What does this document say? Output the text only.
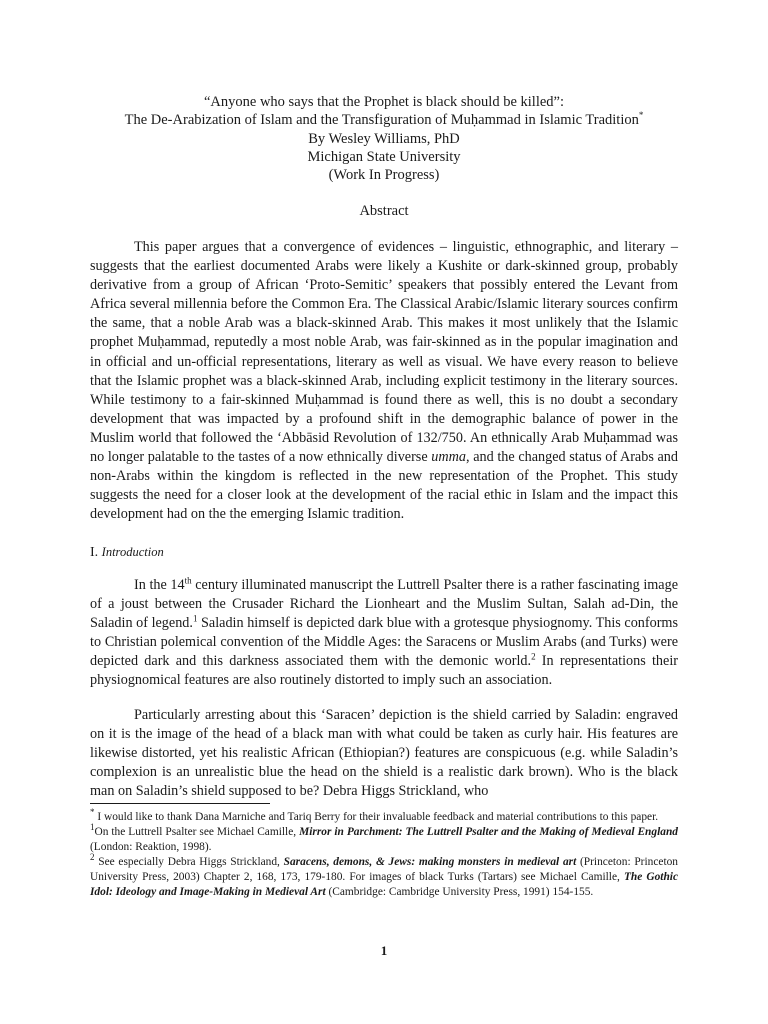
“Anyone who says that the Prophet is black should be killed”:
The De-Arabization of Islam and the Transfiguration of Muḥammad in Islamic Tradition*
By Wesley Williams, PhD
Michigan State University
(Work In Progress)
Abstract

This paper argues that a convergence of evidences – linguistic, ethnographic, and literary – suggests that the earliest documented Arabs were likely a Kushite or dark-skinned group, probably derivative from a group of African ‘Proto-Semitic’ speakers that possibly entered the Levant from Africa several millennia before the Common Era. The Classical Arabic/Islamic literary sources confirm the same, that a noble Arab was a black-skinned Arab. This makes it most unlikely that the Islamic prophet Muḥammad, reputedly a most noble Arab, was fair-skinned as in the popular imagination and in official and un-official representations, literary as well as visual. We have every reason to believe that the Islamic prophet was a black-skinned Arab, including explicit testimony in the literary sources. While testimony to a fair-skinned Muḥammad is found there as well, this is no doubt a secondary development that was impacted by a profound shift in the demographic balance of power in the Muslim world that followed the ‘Abbāsid Revolution of 132/750. An ethnically Arab Muḥammad was no longer palatable to the tastes of a now ethnically diverse umma, and the changed status of Arabs and non-Arabs within the kingdom is reflected in the new representation of the Prophet. This study suggests the need for a closer look at the development of the racial ethic in Islam and the impact this development had on the the emerging Islamic tradition.

I. Introduction

In the 14th century illuminated manuscript the Luttrell Psalter there is a rather fascinating image of a joust between the Crusader Richard the Lionheart and the Muslim Sultan, Salah ad-Din, the Saladin of legend.$^1$ Saladin himself is depicted dark blue with a grotesque physiognomy. This conforms to Christian polemical convention of the Middle Ages: the Saracens or Muslim Arabs (and Turks) were depicted dark and this darkness associated them with the demonic world.$^2$ In representations their physiognomical features are also routinely distorted to imply such an association.

Particularly arresting about this ‘Saracen’ depiction is the shield carried by Saladin: engraved on it is the image of the head of a black man with what could be taken as curly hair. His features are likewise distorted, yet his realistic African (Ethiopian?) features are conspicuous (e.g. while Saladin’s complexion is an unrealistic blue the head on the shield is a realistic dark brown). Who is the black man on Saladin’s shield supposed to be? Debra Higgs Strickland, who

* I would like to thank Dana Marniche and Tariq Berry for their invaluable feedback and material contributions to this paper.

$^1$On the Luttrell Psalter see Michael Camille, Mirror in Parchment: The Luttrell Psalter and the Making of Medieval England (London: Reaktion, 1998).

$^2$ See especially Debra Higgs Strickland, Saracens, demons, & Jews: making monsters in medieval art (Princeton: Princeton University Press, 2003) Chapter 2, 168, 173, 179-180. For images of black Turks (Tartars) see Michael Camille, The Gothic Idol: Ideology and Image-Making in Medieval Art (Cambridge: Cambridge University Press, 1991) 154-155.

1
